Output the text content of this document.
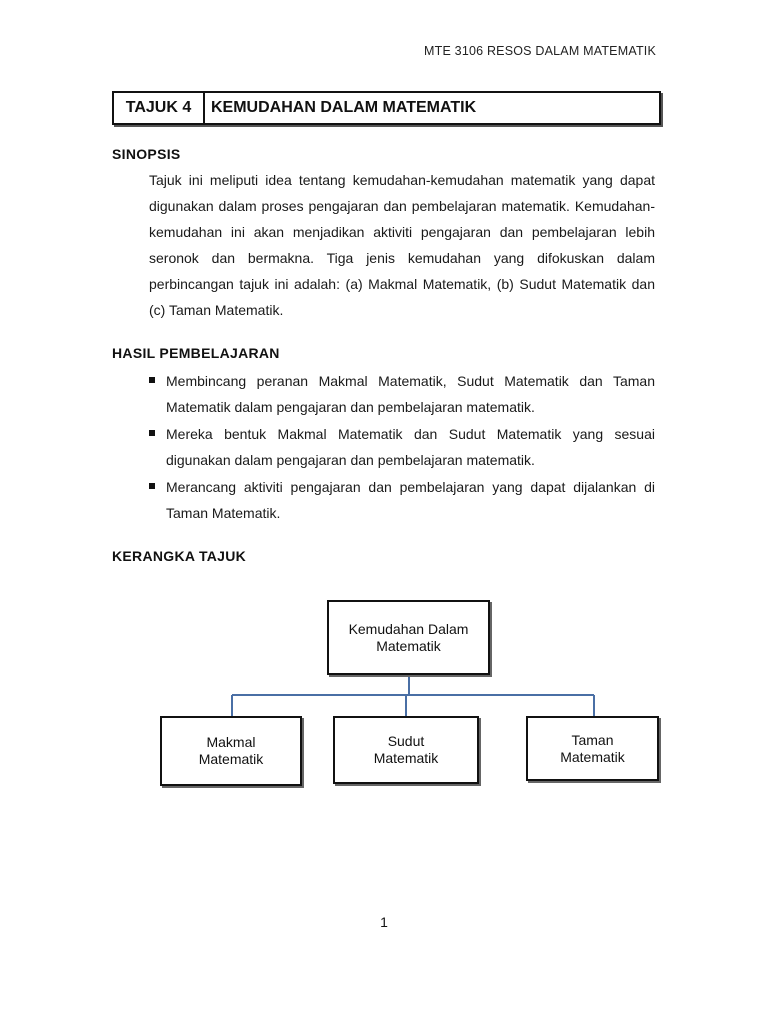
MTE 3106 RESOS DALAM MATEMATIK
TAJUK 4	KEMUDAHAN DALAM MATEMATIK
SINOPSIS
Tajuk ini meliputi idea tentang kemudahan-kemudahan matematik yang dapat digunakan dalam proses pengajaran dan pembelajaran matematik. Kemudahan-kemudahan ini akan menjadikan aktiviti pengajaran dan pembelajaran lebih seronok dan bermakna. Tiga jenis kemudahan yang difokuskan dalam perbincangan tajuk ini adalah: (a) Makmal Matematik, (b) Sudut Matematik dan (c) Taman Matematik.
HASIL PEMBELAJARAN
Membincang peranan Makmal Matematik, Sudut Matematik dan Taman Matematik dalam pengajaran dan pembelajaran matematik.
Mereka bentuk Makmal Matematik dan Sudut Matematik yang sesuai digunakan dalam pengajaran dan pembelajaran matematik.
Merancang aktiviti pengajaran dan pembelajaran yang dapat dijalankan di Taman Matematik.
KERANGKA TAJUK
Kemudahan Dalam
Matematik
Makmal
Matematik
Sudut
Matematik
Taman
Matematik
1
